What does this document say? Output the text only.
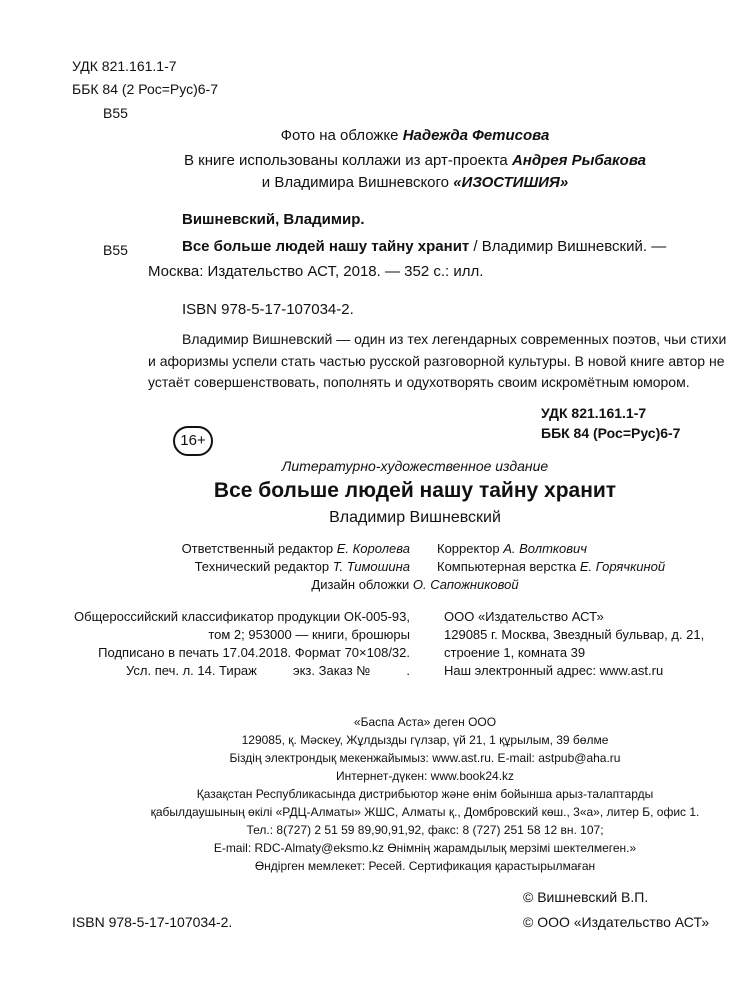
УДК 821.161.1-7
ББК 84 (2 Рос=Рус)6-7
В55
Фото на обложке Надежда Фетисова
В книге использованы коллажи из арт-проекта Андрея Рыбакова
и Владимира Вишневского «ИЗОСТИШИЯ»
Вишневский, Владимир.
В55	Все больше людей нашу тайну хранит / Владимир Вишневский. —
Москва: Издательство АСТ, 2018. — 352 с.: илл.
ISBN 978-5-17-107034-2.
Владимир Вишневский — один из тех легендарных современных поэтов, чьи стихи
и афоризмы успели стать частью русской разговорной культуры. В новой книге автор не
устаёт совершенствовать, пополнять и одухотворять своим искромётным юмором.
УДК 821.161.1-7
ББК 84 (Рос=Рус)6-7
16+
Литературно-художественное издание
Все больше людей нашу тайну хранит
Владимир Вишневский
Ответственный редактор Е. Королева Корректор А. Волткович
Технический редактор Т. Тимошина Компьютерная верстка Е. Горячкиной
Дизайн обложки О. Сапожниковой
Общероссийский классификатор продукции ОК-005-93,
том 2; 953000 — книги, брошюры
Подписано в печать 17.04.2018. Формат 70×108/32.
Усл. печ. л. 14. Тираж          экз. Заказ №          .
ООО «Издательство АСТ»
129085 г. Москва, Звездный бульвар, д. 21,
строение 1, комната 39
Наш электронный адрес: www.ast.ru
«Баспа Аста» деген ООО
129085, қ. Мәскеу, Жұлдызды гүлзар, үй 21, 1 құрылым, 39 бөлме
Біздің электрондық мекенжайымыз: www.ast.ru. E-mail: astpub@aha.ru
Интернет-дүкен: www.book24.kz
Қазақстан Республикасында дистрибьютор және өнім бойынша арыз-талаптарды
қабылдаушының өкілі «РДЦ-Алматы» ЖШС, Алматы қ., Домбровский көш., 3«а», литер Б, офис 1.
Тел.: 8(727) 2 51 59 89,90,91,92, факс: 8 (727) 251 58 12 вн. 107;
E-mail: RDC-Almaty@eksmo.kz Өнімнің жарамдылық мерзімі шектелмеген.»
Өндірген мемлекет: Ресей. Сертификация қарастырылмаған
© Вишневский В.П.
ISBN 978-5-17-107034-2.	© ООО «Издательство АСТ»
